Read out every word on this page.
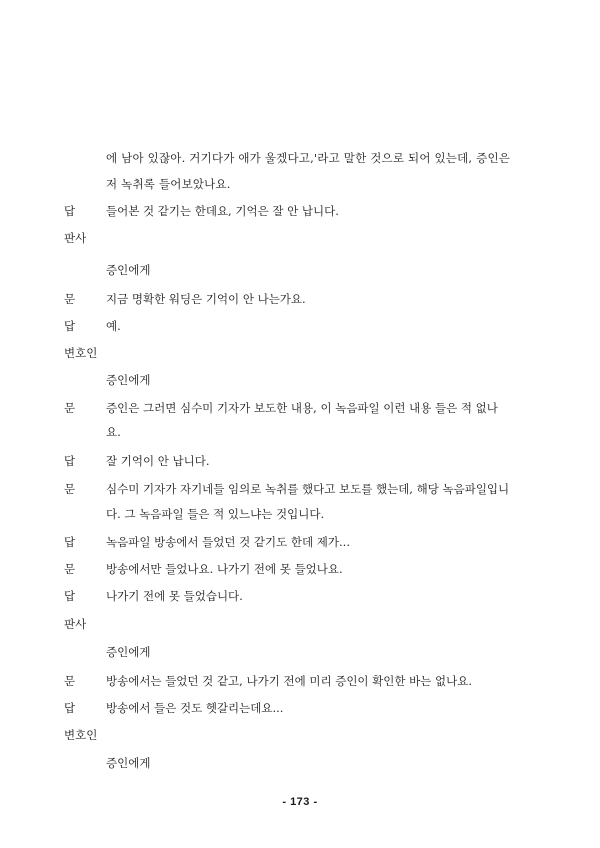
에 남아 있잖아. 거기다가 애가 울겠다고,'라고 말한 것으로 되어 있는데, 증인은
저 녹취록 들어보았나요.
답	들어본 것 같기는 한데요, 기억은 잘 안 납니다.
판사
증인에게
문	지금 명확한 워딩은 기억이 안 나는가요.
답	예.
변호인
증인에게
문	증인은 그러면 심수미 기자가 보도한 내용, 이 녹음파일 이런 내용 들은 적 없나
요.
답	잘 기억이 안 납니다.
문	심수미 기자가 자기네들 임의로 녹취를 했다고 보도를 했는데, 해당 녹음파일입니
다. 그 녹음파일 들은 적 있느냐는 것입니다.
답	녹음파일 방송에서 들었던 것 같기도 한데 제가...
문	방송에서만 들었나요. 나가기 전에 못 들었나요.
답	나가기 전에 못 들었습니다.
판사
증인에게
문	방송에서는 들었던 것 같고, 나가기 전에 미리 증인이 확인한 바는 없나요.
답	방송에서 들은 것도 헷갈리는데요...
변호인
증인에게
- 173 -
